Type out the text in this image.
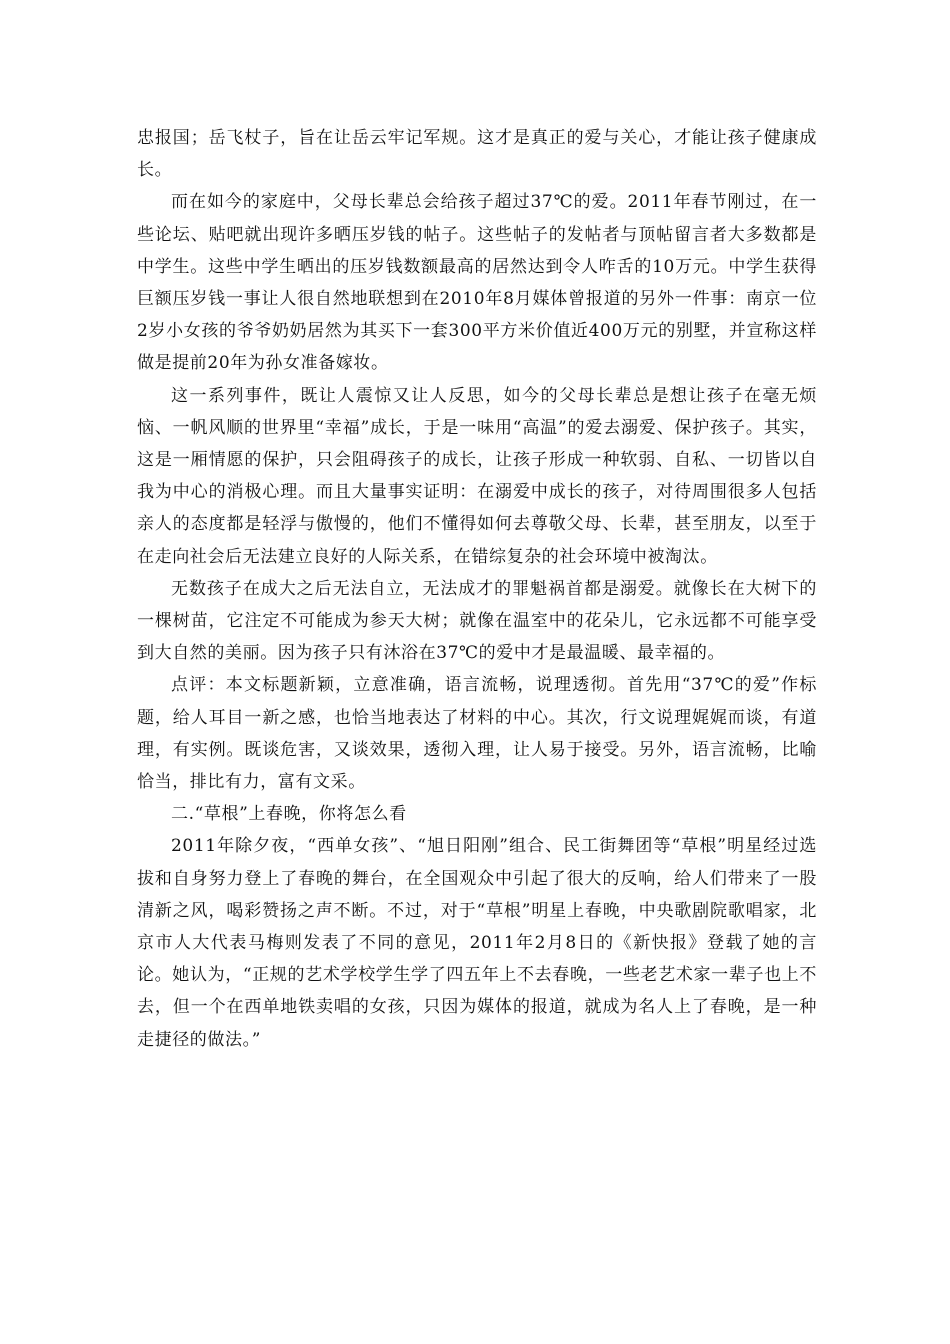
忠报国；岳飞杖子，旨在让岳云牢记军规。这才是真正的爱与关心，才能让孩子健康成长。

而在如今的家庭中，父母长辈总会给孩子超过37℃的爱。2011年春节刚过，在一些论坛、贴吧就出现许多晒压岁钱的帖子。这些帖子的发帖者与顶帖留言者大多数都是中学生。这些中学生晒出的压岁钱数额最高的居然达到令人咋舌的10万元。中学生获得巨额压岁钱一事让人很自然地联想到在2010年8月媒体曾报道的另外一件事：南京一位2岁小女孩的爷爷奶奶居然为其买下一套300平方米价值近400万元的别墅，并宣称这样做是提前20年为孙女准备嫁妆。

这一系列事件，既让人震惊又让人反思，如今的父母长辈总是想让孩子在毫无烦恼、一帆风顺的世界里“幸福”成长，于是一味用“高温”的爱去溺爱、保护孩子。其实，这是一厢情愿的保护，只会阻碍孩子的成长，让孩子形成一种软弱、自私、一切皆以自我为中心的消极心理。而且大量事实证明：在溺爱中成长的孩子，对待周围很多人包括亲人的态度都是轻浮与傲慢的，他们不懂得如何去尊敬父母、长辈，甚至朋友，以至于在走向社会后无法建立良好的人际关系，在错综复杂的社会环境中被淘汰。

无数孩子在成大之后无法自立，无法成才的罪魁祸首都是溺爱。就像长在大树下的一棵树苗，它注定不可能成为参天大树；就像在温室中的花朵儿，它永远都不可能享受到大自然的美丽。因为孩子只有沐浴在37℃的爱中才是最温暖、最幸福的。

点评：本文标题新颖，立意准确，语言流畅，说理透彻。首先用“37℃的爱”作标题，给人耳目一新之感，也恰当地表达了材料的中心。其次，行文说理娓娓而谈，有道理，有实例。既谈危害，又谈效果，透彻入理，让人易于接受。另外，语言流畅，比喻恰当，排比有力，富有文采。

二.“草根”上春晚，你将怎么看

2011年除夕夜，“西单女孩”、“旭日阳刚”组合、民工街舞团等“草根”明星经过选拔和自身努力登上了春晚的舞台，在全国观众中引起了很大的反响，给人们带来了一股清新之风，喝彩赞扬之声不断。不过，对于“草根”明星上春晚，中央歌剧院歌唱家，北京市人大代表马梅则发表了不同的意见，2011年2月8日的《新快报》登载了她的言论。她认为，“正规的艺术学校学生学了四五年上不去春晚，一些老艺术家一辈子也上不去，但一个在西单地铁卖唱的女孩，只因为媒体的报道，就成为名人上了春晚，是一种走捷径的做法。”
